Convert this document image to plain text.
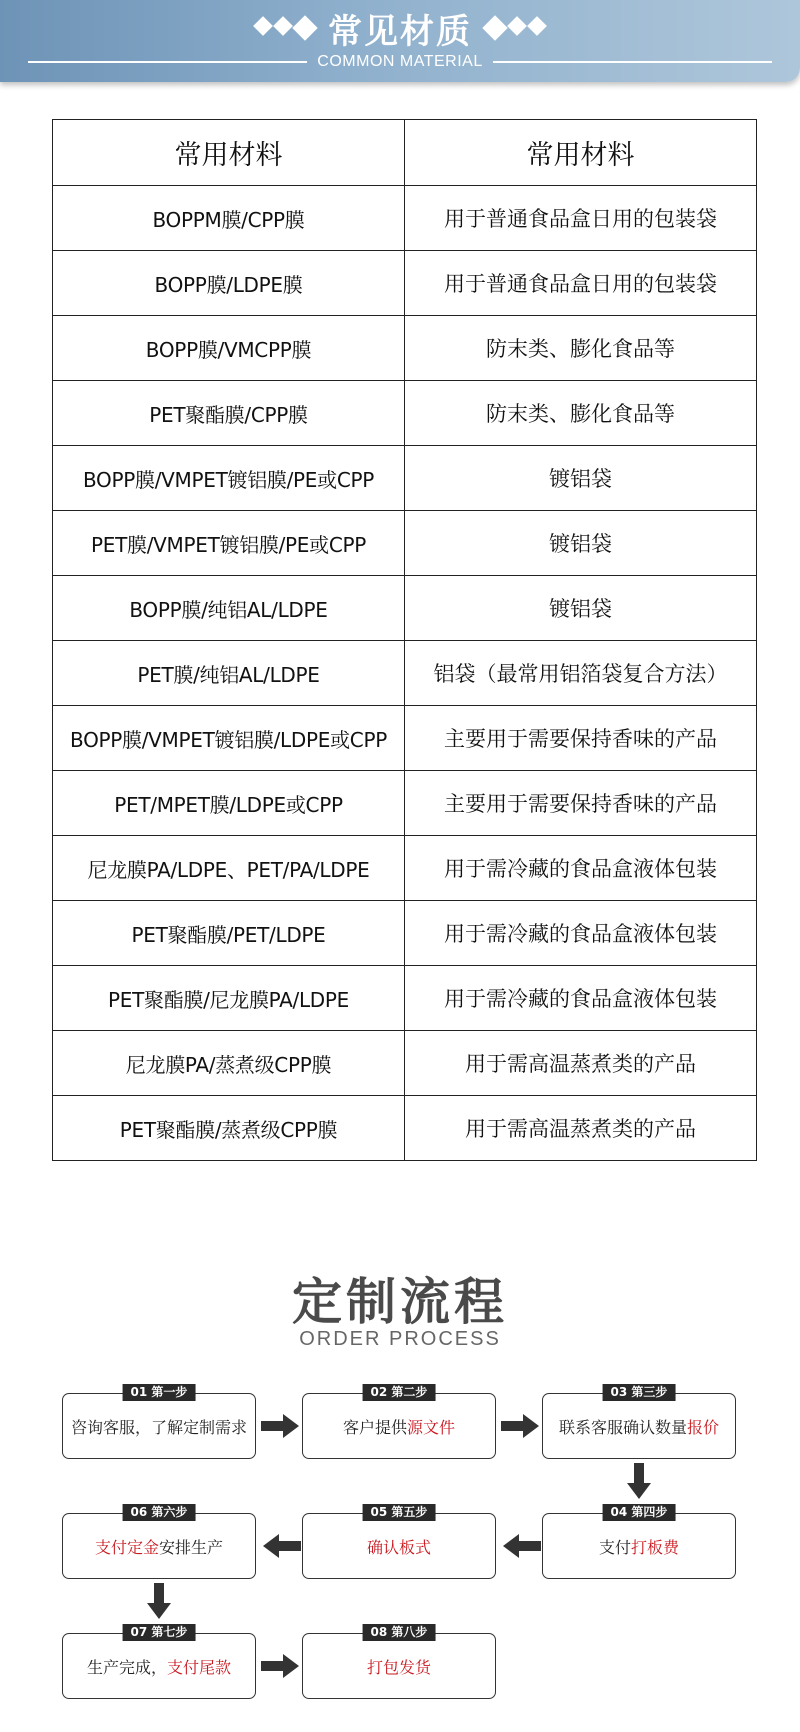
常见材质
COMMON MATERIAL
常用材料	常用材料
BOPPM膜/CPP膜	用于普通食品盒日用的包装袋
BOPP膜/LDPE膜	用于普通食品盒日用的包装袋
BOPP膜/VMCPP膜	防末类、膨化食品等
PET聚酯膜/CPP膜	防末类、膨化食品等
BOPP膜/VMPET镀铝膜/PE或CPP	镀铝袋
PET膜/VMPET镀铝膜/PE或CPP	镀铝袋
BOPP膜/纯铝AL/LDPE	镀铝袋
PET膜/纯铝AL/LDPE	铝袋（最常用铝箔袋复合方法）
BOPP膜/VMPET镀铝膜/LDPE或CPP	主要用于需要保持香味的产品
PET/MPET膜/LDPE或CPP	主要用于需要保持香味的产品
尼龙膜PA/LDPE、PET/PA/LDPE	用于需冷藏的食品盒液体包装
PET聚酯膜/PET/LDPE	用于需冷藏的食品盒液体包装
PET聚酯膜/尼龙膜PA/LDPE	用于需冷藏的食品盒液体包装
尼龙膜PA/蒸煮级CPP膜	用于需高温蒸煮类的产品
PET聚酯膜/蒸煮级CPP膜	用于需高温蒸煮类的产品
定制流程
ORDER PROCESS
01 第一步
咨询客服，了解定制需求
02 第二步
客户提供 源文件
03 第三步
联系客服确认数量 报价
04 第四步
支付 打板费
05 第五步
确认板式
06 第六步
支付定金 安排生产
07 第七步
生产完成， 支付尾款
08 第八步
打包发货
